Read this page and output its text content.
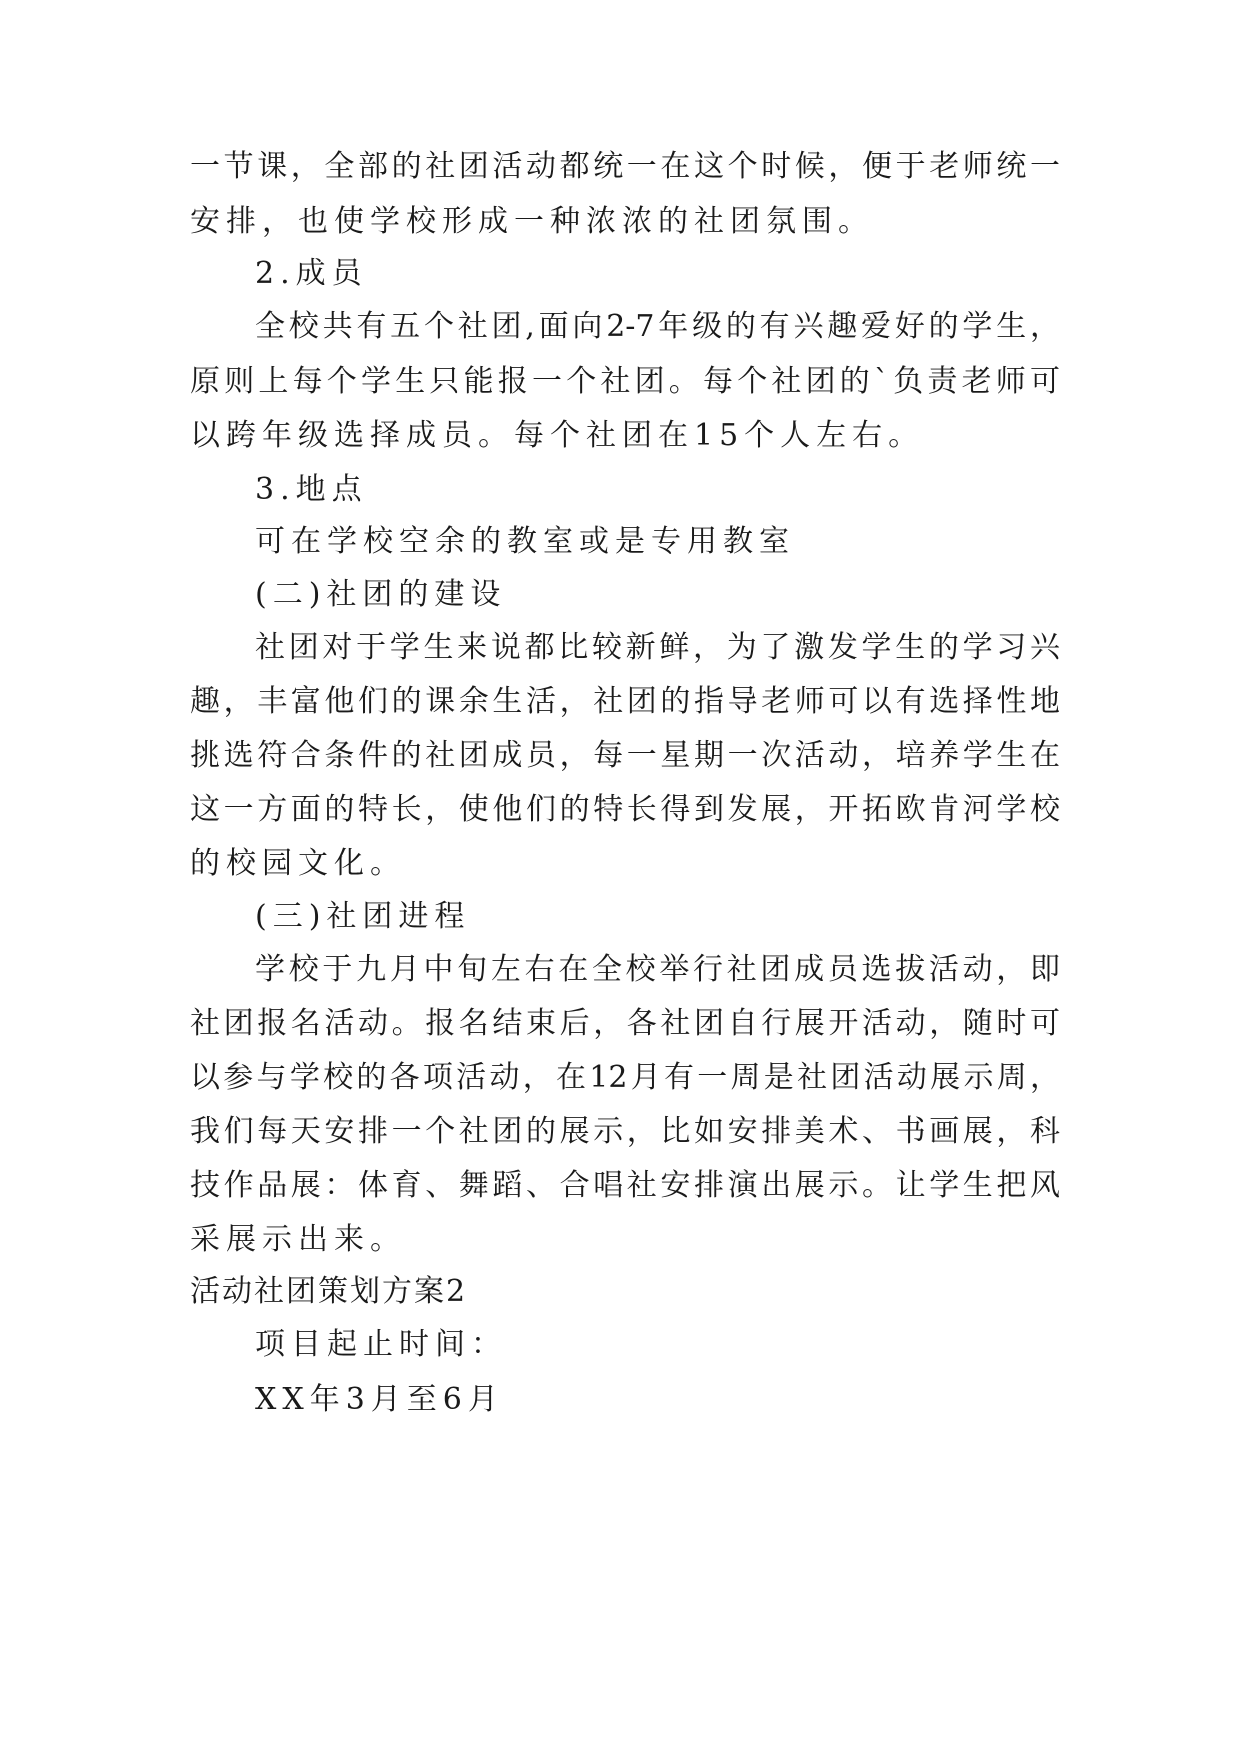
一节课，全部的社团活动都统一在这个时候，便于老师统一
安排，也使学校形成一种浓浓的社团氛围。
2.成员
全校共有五个社团,面向2-7年级的有兴趣爱好的学生，
原则上每个学生只能报一个社团。每个社团的`负责老师可
以跨年级选择成员。每个社团在15个人左右。
3.地点
可在学校空余的教室或是专用教室
(二)社团的建设
社团对于学生来说都比较新鲜，为了激发学生的学习兴
趣，丰富他们的课余生活，社团的指导老师可以有选择性地
挑选符合条件的社团成员，每一星期一次活动，培养学生在
这一方面的特长，使他们的特长得到发展，开拓欧肯河学校
的校园文化。
(三)社团进程
学校于九月中旬左右在全校举行社团成员选拔活动，即
社团报名活动。报名结束后，各社团自行展开活动，随时可
以参与学校的各项活动，在12月有一周是社团活动展示周，
我们每天安排一个社团的展示，比如安排美术、书画展，科
技作品展：体育、舞蹈、合唱社安排演出展示。让学生把风
采展示出来。
活动社团策划方案2
项目起止时间：
XX年3月至6月
